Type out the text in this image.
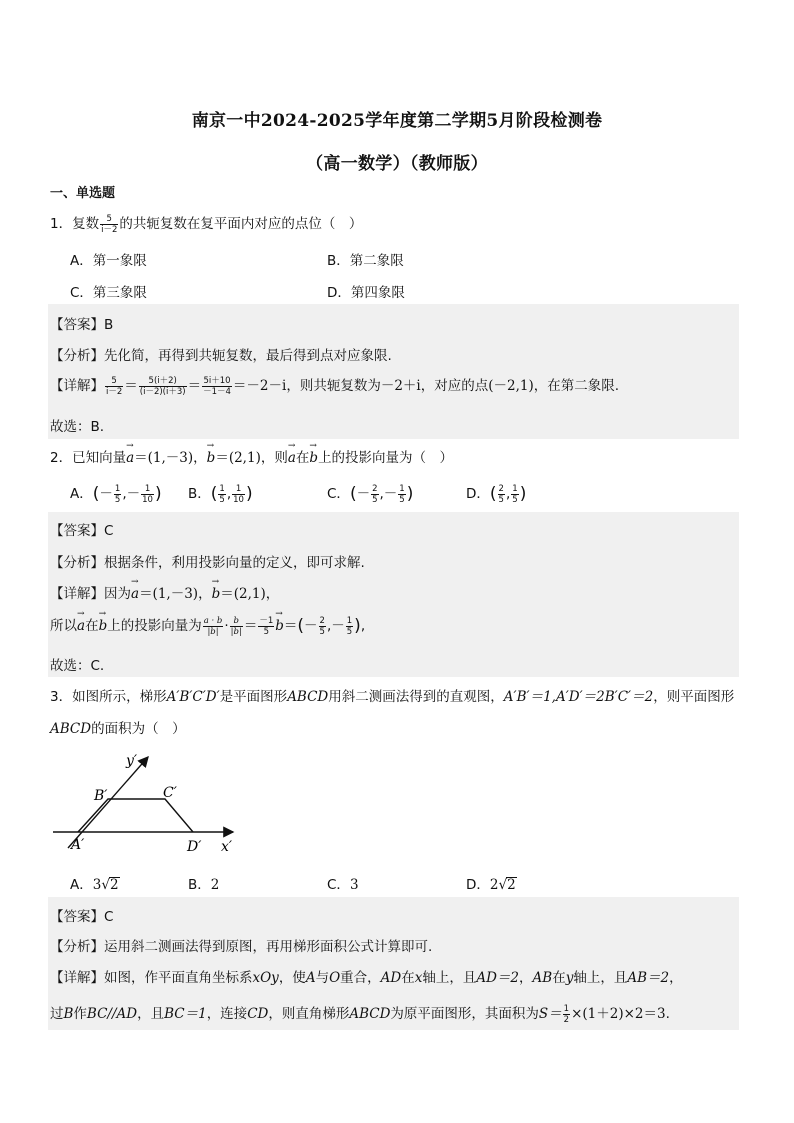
南京一中2024-2025学年度第二学期5月阶段检测卷
（高一数学）（教师版）
一、单选题
1．复数 $\frac{5}{i-2}$ 的共轭复数在复平面内对应的点位（　）
A．第一象限	B．第二象限
C．第三象限	D．第四象限
【答案】B
【分析】先化简，再得到共轭复数，最后得到点对应象限.
【详解】 $\frac{5}{i-2} = \frac{5(i+2)}{(i-2)(i+3)} = \frac{5i+10}{-1-4} =-2-i$，则共轭复数为－2＋i，对应的点(－2,1)，在第二象限.
故选：B.
2．已知向量→ a＝(1,－3)，→ b＝(2,1)，则→ a在→ b上的投影向量为（　）
A．(－ $\frac{1}{5}$ ,－ $\frac{1}{10}$ ) B．( $\frac{1}{5}$ , $\frac{1}{10}$ )	C．(－ $\frac{2}{5}$ ,－ $\frac{1}{5}$ )	D．( $\frac{2}{5}$ , $\frac{1}{5}$ )
【答案】C
【分析】根据条件，利用投影向量的定义，即可求解.
【详解】因为→ a＝(1,－3)，→ b＝(2,1)，
所以→ a在→ b上的投影向量为 $\frac{a \cdot b}{|b|} \cdot \frac{b}{|b|} = \frac{-1}{5}$
→ $b=(- \frac{2}{5}$ ,－ $\frac{1}{5}$ ),
故选：C.
3．如图所示，梯形A′B′C′D′是平面图形ABCD用斜二测画法得到的直观图，A′B′＝1,A′D′＝2B′C′＝2，则平面图形
ABCD的面积为（　）
y′
x′
A′
B′	C′
D′
A．3√2	B．2	C．3	D．2√2
【答案】C
【分析】运用斜二测画法得到原图，再用梯形面积公式计算即可.
【详解】如图，作平面直角坐标系xOy，使A与O重合，AD在x轴上，且AD＝2，AB在y轴上，且AB＝2，
过B作BC//AD，且BC＝1，连接CD，则直角梯形ABCD为原平面图形，其面积为$S= \frac{1}{2} \times(1+2)\times 2=3$.
